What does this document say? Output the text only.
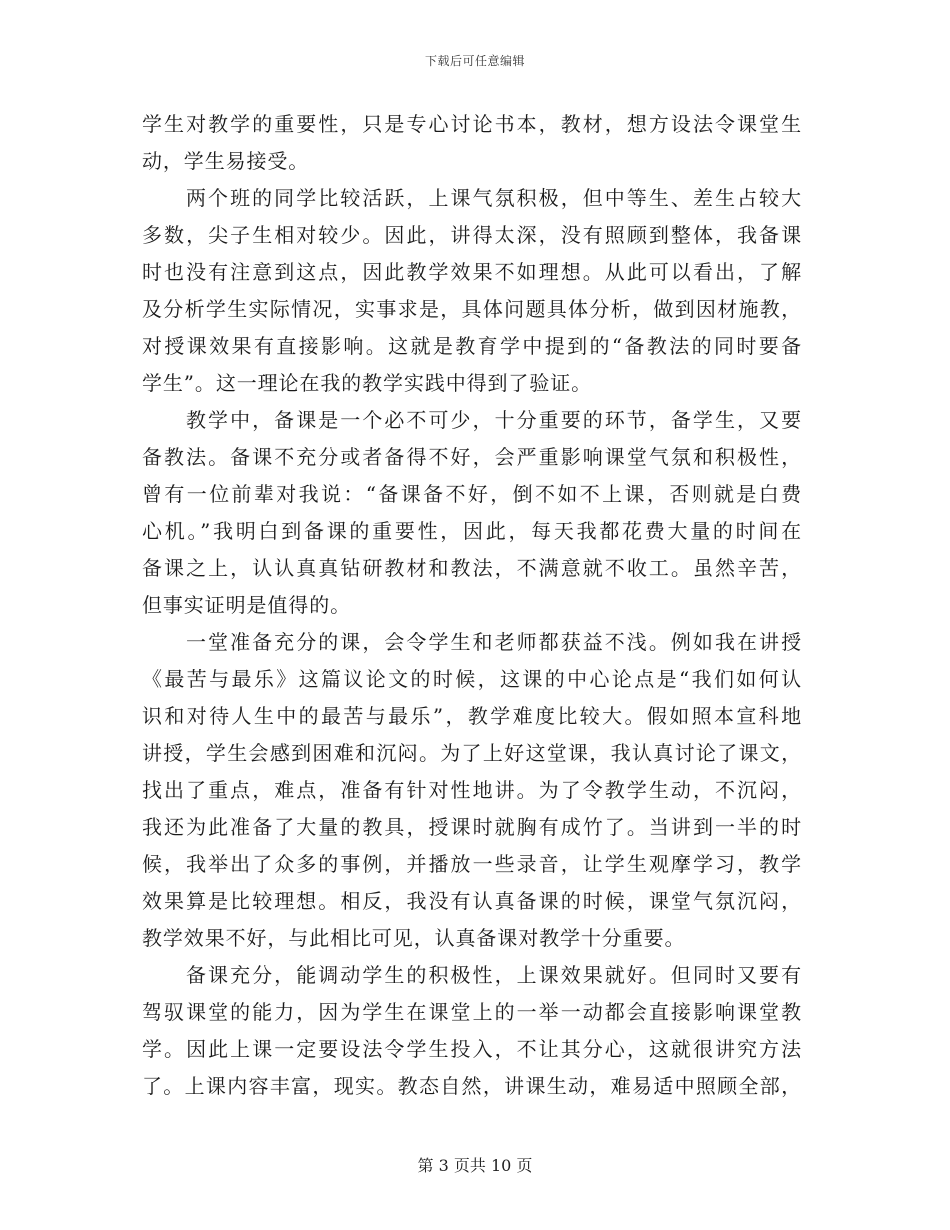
下载后可任意编辑
学生对教学的重要性，只是专心讨论书本，教材，想方设法令课堂生
动，学生易接受。
两个班的同学比较活跃，上课气氛积极，但中等生、差生占较大
多数，尖子生相对较少。因此，讲得太深，没有照顾到整体，我备课
时也没有注意到这点，因此教学效果不如理想。从此可以看出，了解
及分析学生实际情况，实事求是，具体问题具体分析，做到因材施教，
对授课效果有直接影响。这就是教育学中提到的“备教法的同时要备
学生”。这一理论在我的教学实践中得到了验证。
教学中，备课是一个必不可少，十分重要的环节，备学生，又要
备教法。备课不充分或者备得不好，会严重影响课堂气氛和积极性，
曾有一位前辈对我说：“备课备不好，倒不如不上课，否则就是白费
心机。”我明白到备课的重要性，因此，每天我都花费大量的时间在
备课之上，认认真真钻研教材和教法，不满意就不收工。虽然辛苦，
但事实证明是值得的。
一堂准备充分的课，会令学生和老师都获益不浅。例如我在讲授
《最苦与最乐》这篇议论文的时候，这课的中心论点是“我们如何认
识和对待人生中的最苦与最乐”，教学难度比较大。假如照本宣科地
讲授，学生会感到困难和沉闷。为了上好这堂课，我认真讨论了课文，
找出了重点，难点，准备有针对性地讲。为了令教学生动，不沉闷，
我还为此准备了大量的教具，授课时就胸有成竹了。当讲到一半的时
候，我举出了众多的事例，并播放一些录音，让学生观摩学习，教学
效果算是比较理想。相反，我没有认真备课的时候，课堂气氛沉闷，
教学效果不好，与此相比可见，认真备课对教学十分重要。
备课充分，能调动学生的积极性，上课效果就好。但同时又要有
驾驭课堂的能力，因为学生在课堂上的一举一动都会直接影响课堂教
学。因此上课一定要设法令学生投入，不让其分心，这就很讲究方法
了。上课内容丰富，现实。教态自然，讲课生动，难易适中照顾全部，
第 3 页共 10 页
